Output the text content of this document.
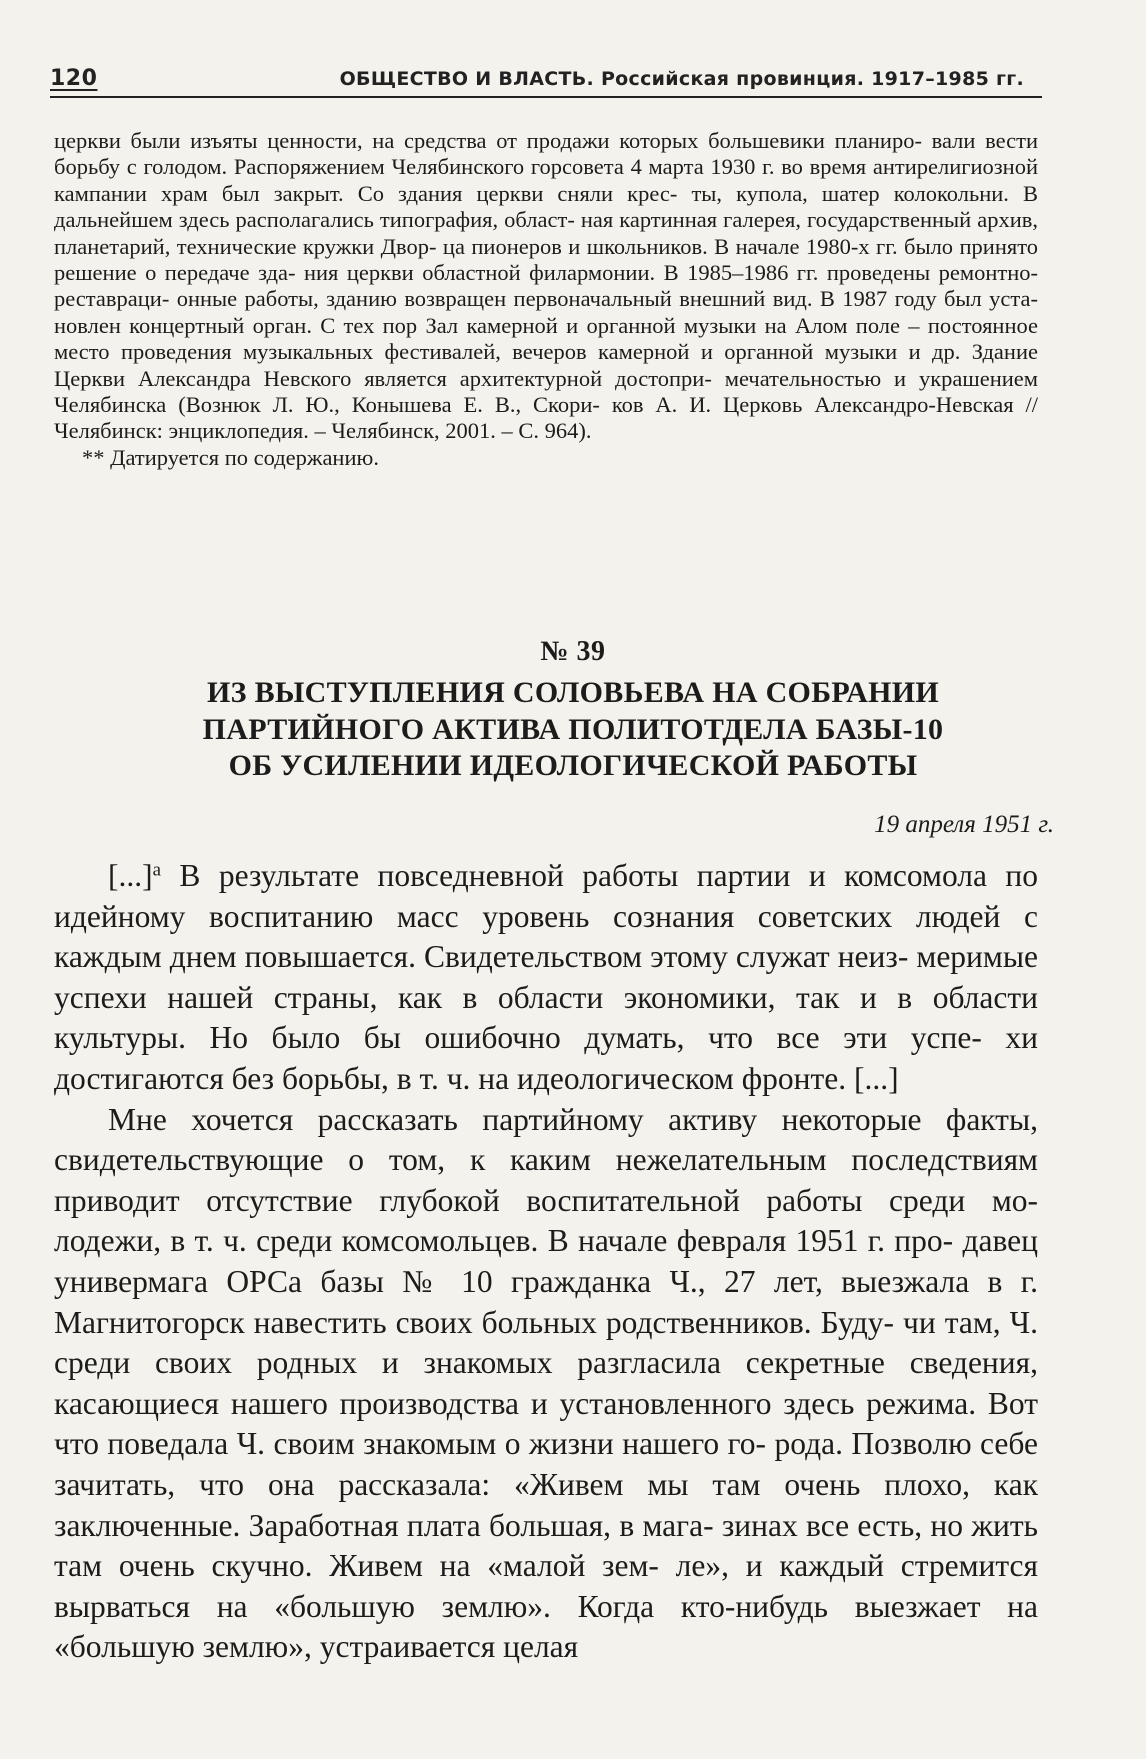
120	ОБЩЕСТВО И ВЛАСТЬ. Российская провинция. 1917–1985 гг.

церкви были изъяты ценности, на средства от продажи которых большевики планиро- вали вести борьбу с голодом. Распоряжением Челябинского горсовета 4 марта 1930 г. во время антирелигиозной кампании храм был закрыт. Со здания церкви сняли крес- ты, купола, шатер колокольни. В дальнейшем здесь располагались типография, област- ная картинная галерея, государственный архив, планетарий, технические кружки Двор- ца пионеров и школьников. В начале 1980-х гг. было принято решение о передаче зда- ния церкви областной филармонии. В 1985–1986 гг. проведены ремонтно-реставраци- онные работы, зданию возвращен первоначальный внешний вид. В 1987 году был уста- новлен концертный орган. С тех пор Зал камерной и органной музыки на Алом поле – постоянное место проведения музыкальных фестивалей, вечеров камерной и органной музыки и др. Здание Церкви Александра Невского является архитектурной достопри- мечательностью и украшением Челябинска (Вознюк Л. Ю., Конышева Е. В., Скори- ков А. И. Церковь Александро-Невская // Челябинск: энциклопедия. – Челябинск, 2001. – С. 964).

** Датируется по содержанию.

№ 39
ИЗ ВЫСТУПЛЕНИЯ СОЛОВЬЕВА НА СОБРАНИИ
ПАРТИЙНОГО АКТИВА ПОЛИТОТДЕЛА БАЗЫ-10
ОБ УСИЛЕНИИ ИДЕОЛОГИЧЕСКОЙ РАБОТЫ
19 апреля 1951 г.

[...]$^а$ В результате повседневной работы партии и комсомола по идейному воспитанию масс уровень сознания советских людей с каждым днем повышается. Свидетельством этому служат неиз- меримые успехи нашей страны, как в области экономики, так и в области культуры. Но было бы ошибочно думать, что все эти успе- хи достигаются без борьбы, в т. ч. на идеологическом фронте. [...]

Мне хочется рассказать партийному активу некоторые факты, свидетельствующие о том, к каким нежелательным последствиям приводит отсутствие глубокой воспитательной работы среди мо- лодежи, в т. ч. среди комсомольцев. В начале февраля 1951 г. про- давец универмага ОРСа базы № 10 гражданка Ч., 27 лет, выезжала в г. Магнитогорск навестить своих больных родственников. Буду- чи там, Ч. среди своих родных и знакомых разгласила секретные сведения, касающиеся нашего производства и установленного здесь режима. Вот что поведала Ч. своим знакомым о жизни нашего го- рода. Позволю себе зачитать, что она рассказала: «Живем мы там очень плохо, как заключенные. Заработная плата большая, в мага- зинах все есть, но жить там очень скучно. Живем на «малой зем- ле», и каждый стремится вырваться на «большую землю». Когда кто-нибудь выезжает на «большую землю», устраивается целая
